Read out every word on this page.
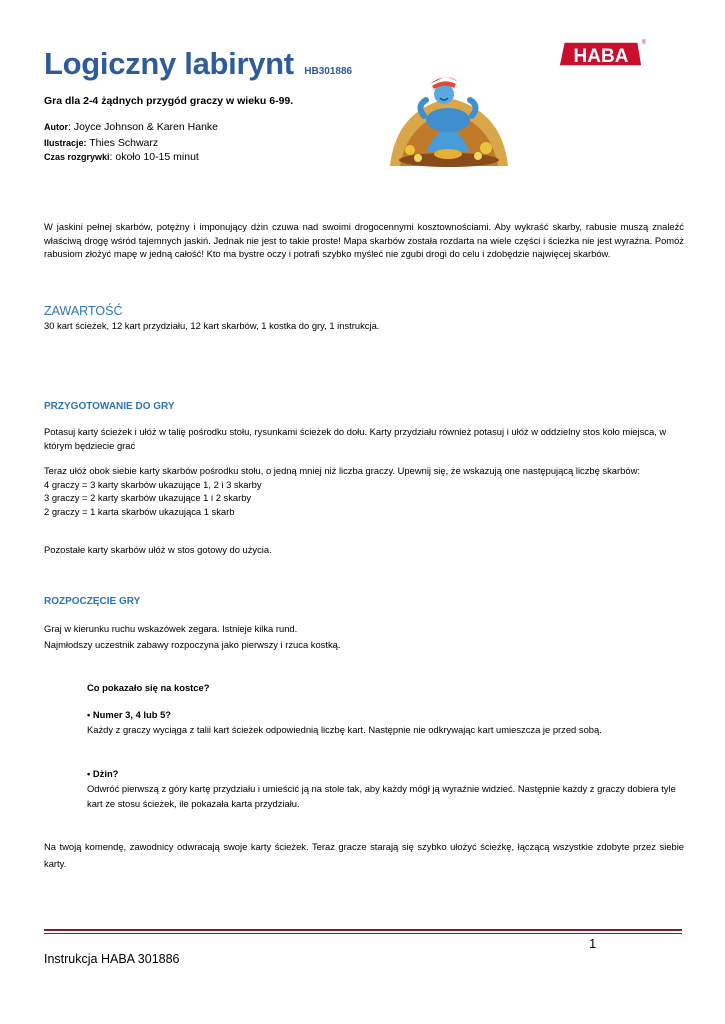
Logiczny labirynt HB301886
HABA
®
Gra dla 2-4 żądnych przygód graczy w wieku 6-99.
Autor: Joyce Johnson & Karen Hanke
Ilustracje: Thies Schwarz
Czas rozgrywki: około 10-15 minut
W jaskini pełnej skarbów, potężny i imponujący dżin czuwa nad swoimi drogocennymi kosztownościami. Aby wykraść skarby, rabusie muszą znaleźć właściwą drogę wśród tajemnych jaskiń. Jednak nie jest to takie proste! Mapa skarbów została rozdarta na wiele części i ścieżka nie jest wyraźna. Pomóż rabusiom złożyć mapę w jedną całość! Kto ma bystre oczy i potrafi szybko myśleć nie zgubi drogi do celu i zdobędzie najwięcej skarbów.
ZAWARTOŚĆ
30 kart ścieżek, 12 kart przydziału, 12 kart skarbów, 1 kostka do gry, 1 instrukcja.
PRZYGOTOWANIE DO GRY
Potasuj karty ścieżek i ułóż w talię pośrodku stołu, rysunkami ścieżek do dołu. Karty przydziału również potasuj i ułóż w oddzielny stos koło miejsca, w którym będziecie grać
Teraz ułóż obok siebie karty skarbów pośrodku stołu, o jedną mniej niż liczba graczy. Upewnij się, że wskazują one następującą liczbę skarbów:
4 graczy = 3 karty skarbów ukazujące 1, 2 i 3 skarby
3 graczy = 2 karty skarbów ukazujące 1 i 2 skarby
2 graczy = 1 karta skarbów ukazująca 1 skarb
Pozostałe karty skarbów ułóż w stos gotowy do użycia.
ROZPOCZĘCIE GRY
Graj w kierunku ruchu wskazówek zegara. Istnieje kilka rund.
Najmłodszy uczestnik zabawy rozpoczyna jako pierwszy i rzuca kostką.
Co pokazało się na kostce?
• Numer 3, 4 lub 5?
Każdy z graczy wyciąga z talii kart ścieżek odpowiednią liczbę kart. Następnie nie odkrywając kart umieszcza je przed sobą.
• Dżin?
Odwróć pierwszą z góry kartę przydziału i umieścić ją na stole tak, aby każdy mógł ją wyraźnie widzieć. Następnie każdy z graczy dobiera tyle kart ze stosu ścieżek, ile pokazała karta przydziału.
Na twoją komendę, zawodnicy odwracają swoje karty ścieżek. Teraz gracze starają się szybko ułożyć ścieżkę, łączącą wszystkie zdobyte przez siebie karty.
1
Instrukcja HABA 301886
